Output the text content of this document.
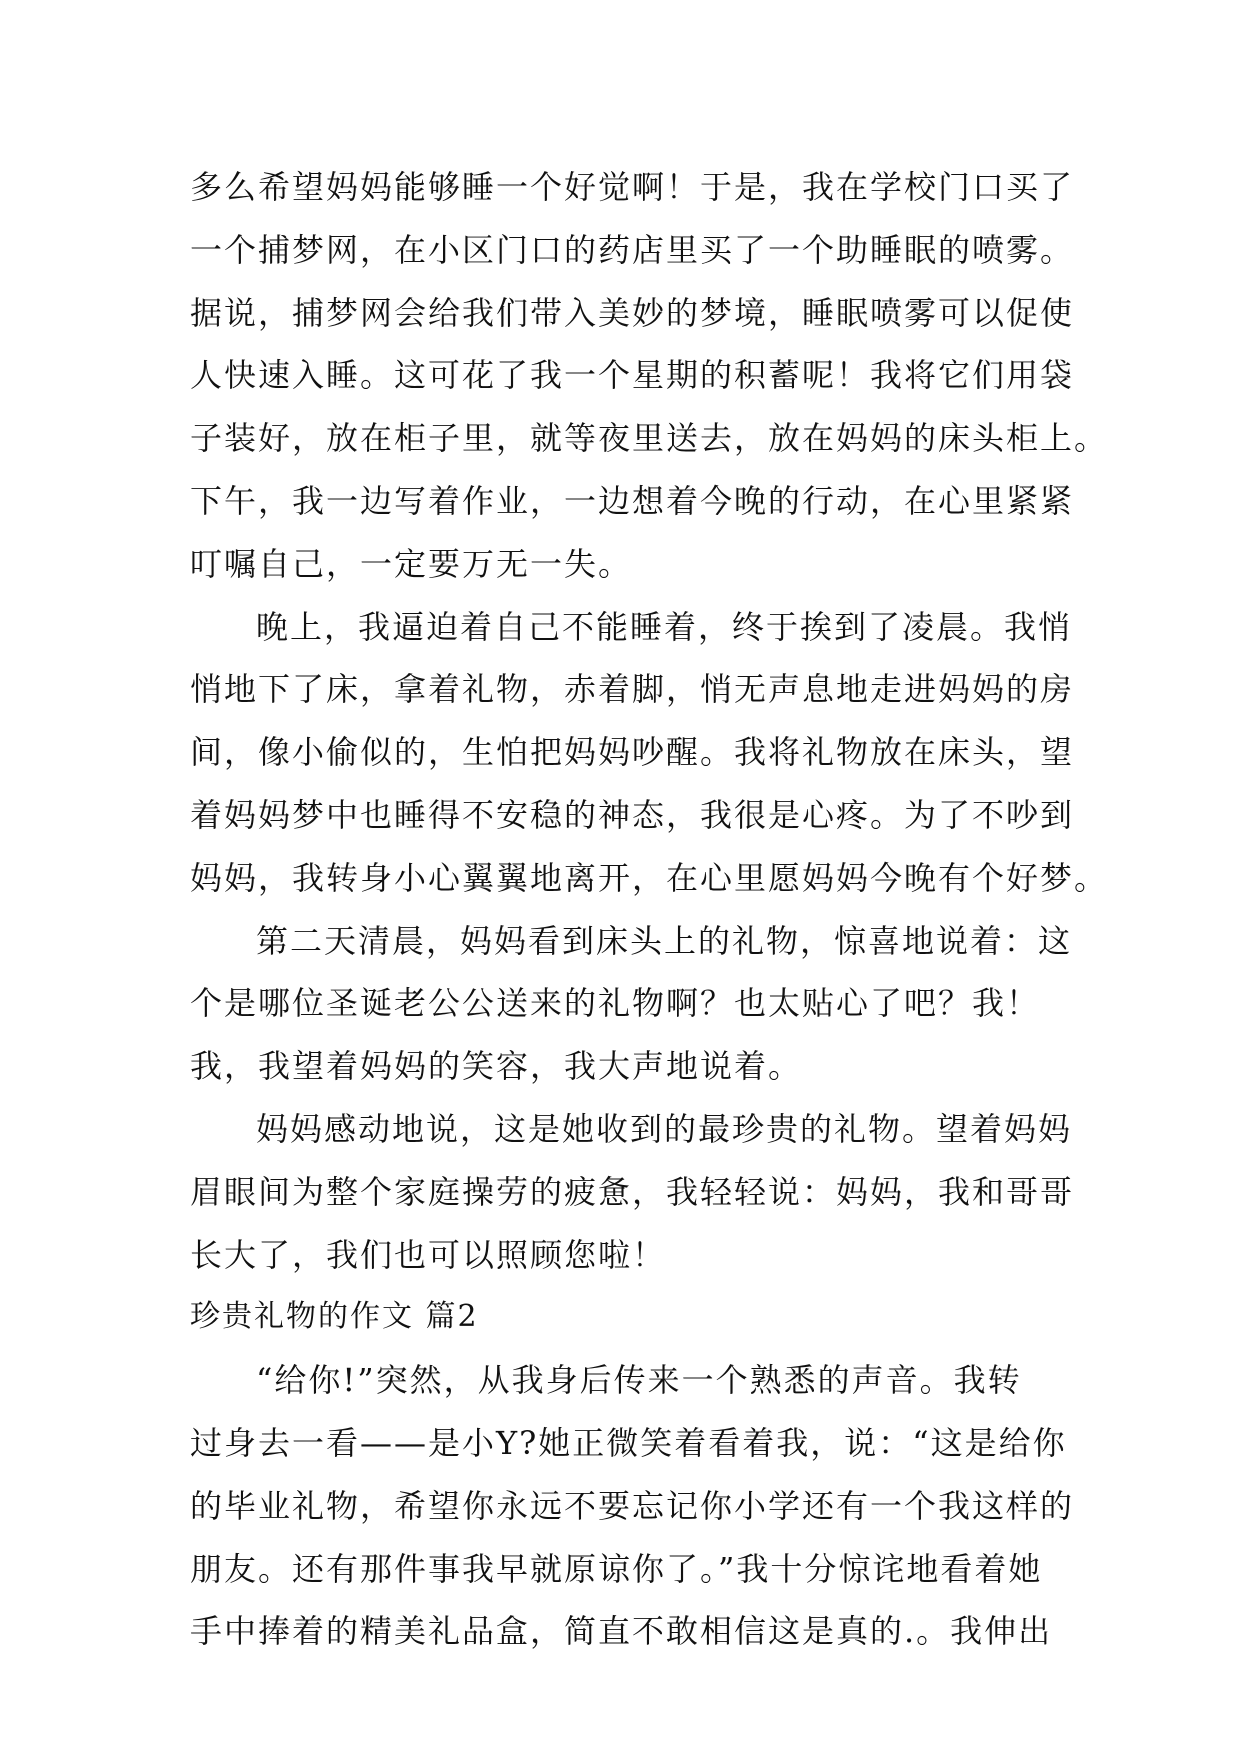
多么希望妈妈能够睡一个好觉啊！于是，我在学校门口买了
一个捕梦网，在小区门口的药店里买了一个助睡眠的喷雾。
据说，捕梦网会给我们带入美妙的梦境，睡眠喷雾可以促使
人快速入睡。这可花了我一个星期的积蓄呢！我将它们用袋
子装好，放在柜子里，就等夜里送去，放在妈妈的床头柜上。
下午，我一边写着作业，一边想着今晚的行动，在心里紧紧
叮嘱自己，一定要万无一失。
晚上，我逼迫着自己不能睡着，终于挨到了凌晨。我悄
悄地下了床，拿着礼物，赤着脚，悄无声息地走进妈妈的房
间，像小偷似的，生怕把妈妈吵醒。我将礼物放在床头，望
着妈妈梦中也睡得不安稳的神态，我很是心疼。为了不吵到
妈妈，我转身小心翼翼地离开，在心里愿妈妈今晚有个好梦。
第二天清晨，妈妈看到床头上的礼物，惊喜地说着：这
个是哪位圣诞老公公送来的礼物啊？也太贴心了吧？我！
我，我望着妈妈的笑容，我大声地说着。
妈妈感动地说，这是她收到的最珍贵的礼物。望着妈妈
眉眼间为整个家庭操劳的疲惫，我轻轻说：妈妈，我和哥哥
长大了，我们也可以照顾您啦！
珍贵礼物的作文 篇2
“给你!”突然，从我身后传来一个熟悉的声音。我转
过身去一看——是小Y?她正微笑着看着我，说：“这是给你
的毕业礼物，希望你永远不要忘记你小学还有一个我这样的
朋友。还有那件事我早就原谅你了。”我十分惊诧地看着她
手中捧着的精美礼品盒，简直不敢相信这是真的.。我伸出
